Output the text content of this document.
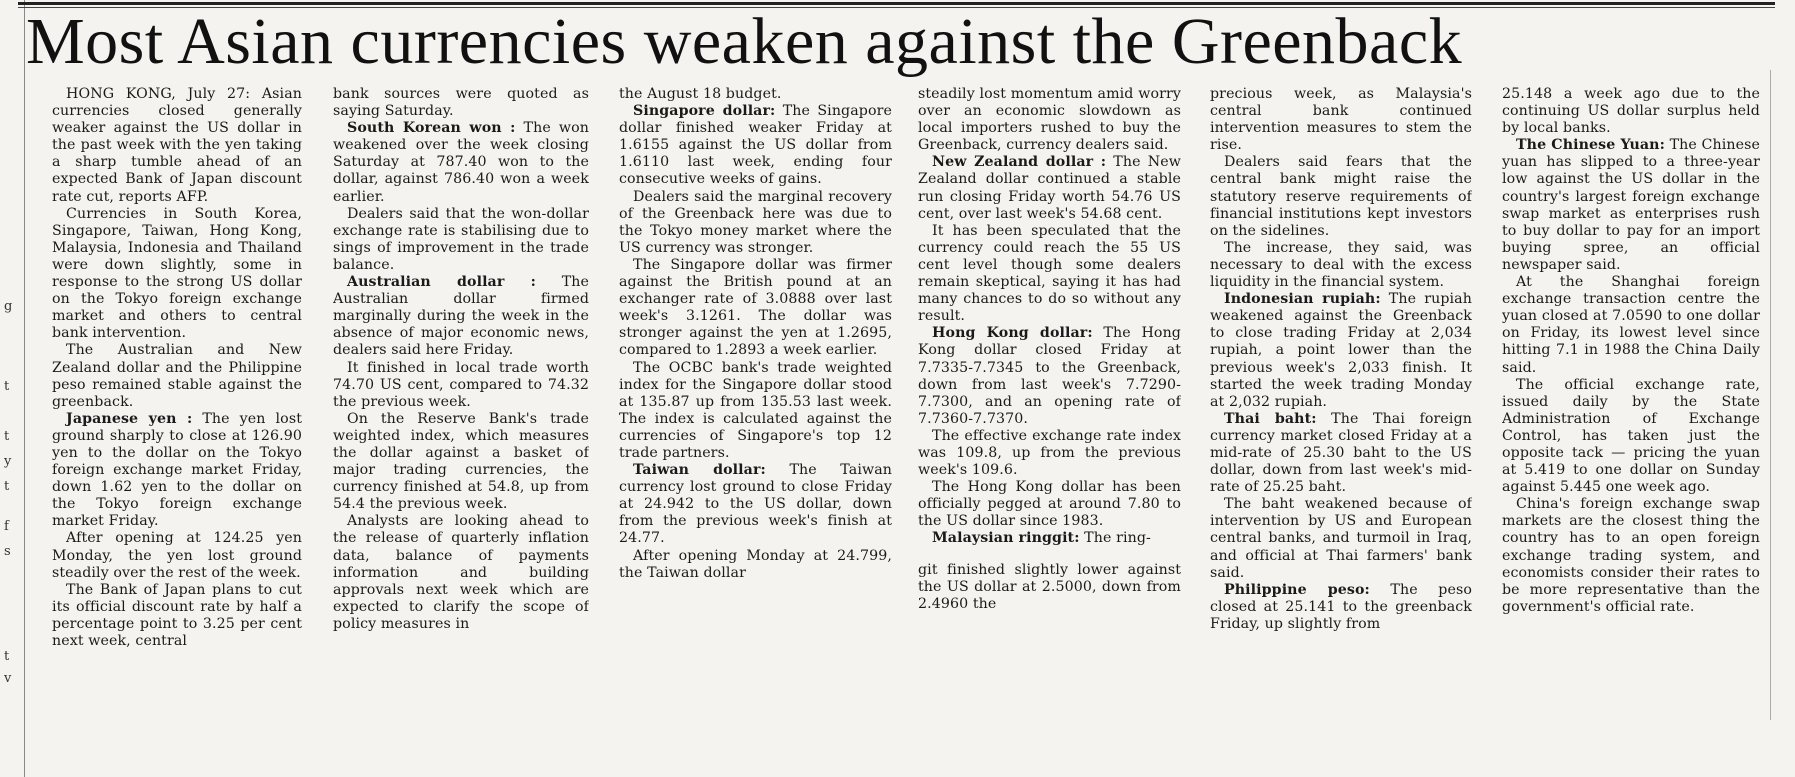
g
t
t
y
t
f
s
t
v
Most Asian currencies weaken against the Greenback

HONG KONG, July 27: Asian currencies closed generally weaker against the US dollar in the past week with the yen taking a sharp tumble ahead of an expected Bank of Japan discount rate cut, reports AFP.

Currencies in South Korea, Singapore, Taiwan, Hong Kong, Malaysia, Indonesia and Thailand were down slightly, some in response to the strong US dollar on the Tokyo foreign exchange market and others to central bank intervention.

The Australian and New Zealand dollar and the Philippine peso remained stable against the greenback.

Japanese yen : The yen lost ground sharply to close at 126.90 yen to the dollar on the Tokyo foreign exchange market Friday, down 1.62 yen to the dollar on the Tokyo foreign exchange market Friday.

After opening at 124.25 yen Monday, the yen lost ground steadily over the rest of the week.

The Bank of Japan plans to cut its official discount rate by half a percentage point to 3.25 per cent next week, central

bank sources were quoted as saying Saturday.

South Korean won : The won weakened over the week closing Saturday at 787.40 won to the dollar, against 786.40 won a week earlier.

Dealers said that the won-dollar exchange rate is stabilising due to sings of improvement in the trade balance.

Australian dollar : The Australian dollar firmed marginally during the week in the absence of major economic news, dealers said here Friday.

It finished in local trade worth 74.70 US cent, compared to 74.32 the previous week.

On the Reserve Bank's trade weighted index, which measures the dollar against a basket of major trading currencies, the currency finished at 54.8, up from 54.4 the previous week.

Analysts are looking ahead to the release of quarterly inflation data, balance of payments information and building approvals next week which are expected to clarify the scope of policy measures in

the August 18 budget.

Singapore dollar: The Singapore dollar finished weaker Friday at 1.6155 against the US dollar from 1.6110 last week, ending four consecutive weeks of gains.

Dealers said the marginal recovery of the Greenback here was due to the Tokyo money market where the US currency was stronger.

The Singapore dollar was firmer against the British pound at an exchanger rate of 3.0888 over last week's 3.1261. The dollar was stronger against the yen at 1.2695, compared to 1.2893 a week earlier.

The OCBC bank's trade weighted index for the Singapore dollar stood at 135.87 up from 135.53 last week. The index is calculated against the currencies of Singapore's top 12 trade partners.

Taiwan dollar: The Taiwan currency lost ground to close Friday at 24.942 to the US dollar, down from the previous week's finish at 24.77.

After opening Monday at 24.799, the Taiwan dollar

steadily lost momentum amid worry over an economic slowdown as local importers rushed to buy the Greenback, currency dealers said.

New Zealand dollar : The New Zealand dollar continued a stable run closing Friday worth 54.76 US cent, over last week's 54.68 cent.

It has been speculated that the currency could reach the 55 US cent level though some dealers remain skeptical, saying it has had many chances to do so without any result.

Hong Kong dollar: The Hong Kong dollar closed Friday at 7.7335-7.7345 to the Greenback, down from last week's 7.7290-7.7300, and an opening rate of 7.7360-7.7370.

The effective exchange rate index was 109.8, up from the previous week's 109.6.

The Hong Kong dollar has been officially pegged at around 7.80 to the US dollar since 1983.

Malaysian ringgit: The ring-

git finished slightly lower against the US dollar at 2.5000, down from 2.4960 the

precious week, as Malaysia's central bank continued intervention measures to stem the rise.

Dealers said fears that the central bank might raise the statutory reserve requirements of financial institutions kept investors on the sidelines.

The increase, they said, was necessary to deal with the excess liquidity in the financial system.

Indonesian rupiah: The rupiah weakened against the Greenback to close trading Friday at 2,034 rupiah, a point lower than the previous week's 2,033 finish. It started the week trading Monday at 2,032 rupiah.

Thai baht: The Thai foreign currency market closed Friday at a mid-rate of 25.30 baht to the US dollar, down from last week's mid-rate of 25.25 baht.

The baht weakened because of intervention by US and European central banks, and turmoil in Iraq, and official at Thai farmers' bank said.

Philippine peso: The peso closed at 25.141 to the greenback Friday, up slightly from

25.148 a week ago due to the continuing US dollar surplus held by local banks.

The Chinese Yuan: The Chinese yuan has slipped to a three-year low against the US dollar in the country's largest foreign exchange swap market as enterprises rush to buy dollar to pay for an import buying spree, an official newspaper said.

At the Shanghai foreign exchange transaction centre the yuan closed at 7.0590 to one dollar on Friday, its lowest level since hitting 7.1 in 1988 the China Daily said.

The official exchange rate, issued daily by the State Administration of Exchange Control, has taken just the opposite tack — pricing the yuan at 5.419 to one dollar on Sunday against 5.445 one week ago.

China's foreign exchange swap markets are the closest thing the country has to an open foreign exchange trading system, and economists consider their rates to be more representative than the government's official rate.
